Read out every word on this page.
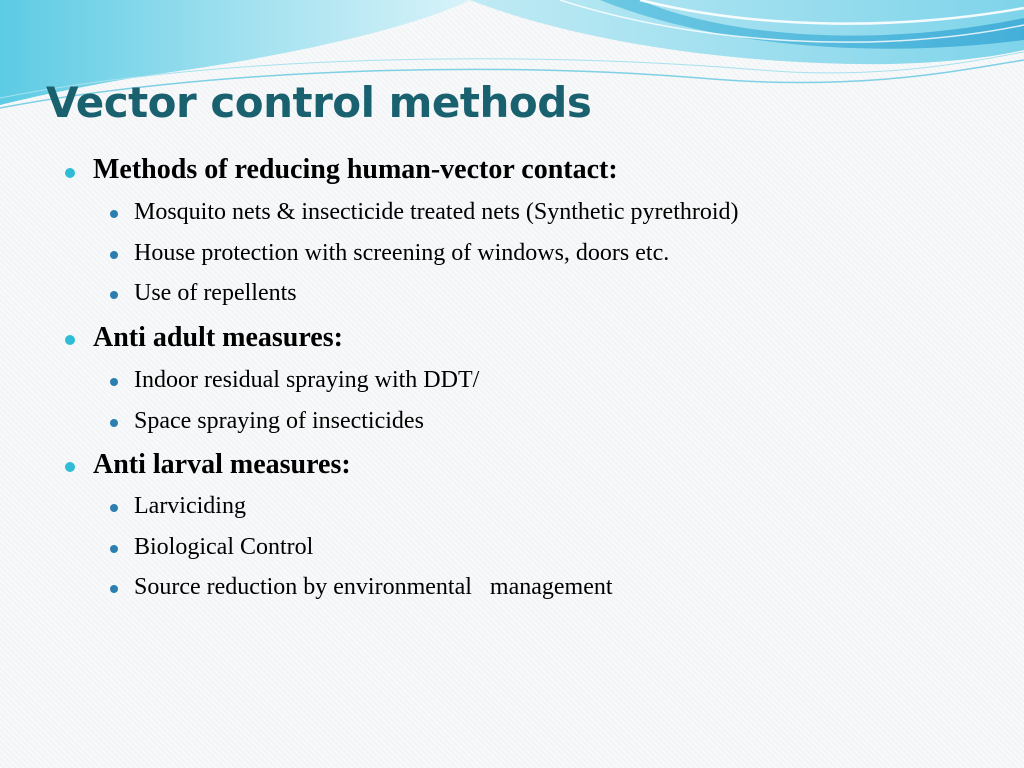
Vector control methods
Methods of reducing human-vector contact:
Mosquito nets & insecticide treated nets (Synthetic pyrethroid)
House protection with screening of windows, doors etc.
Use of repellents
Anti adult measures:
Indoor residual spraying with DDT/
Space spraying of insecticides
Anti larval measures:
Larviciding
Biological Control
Source reduction by environmental   management
